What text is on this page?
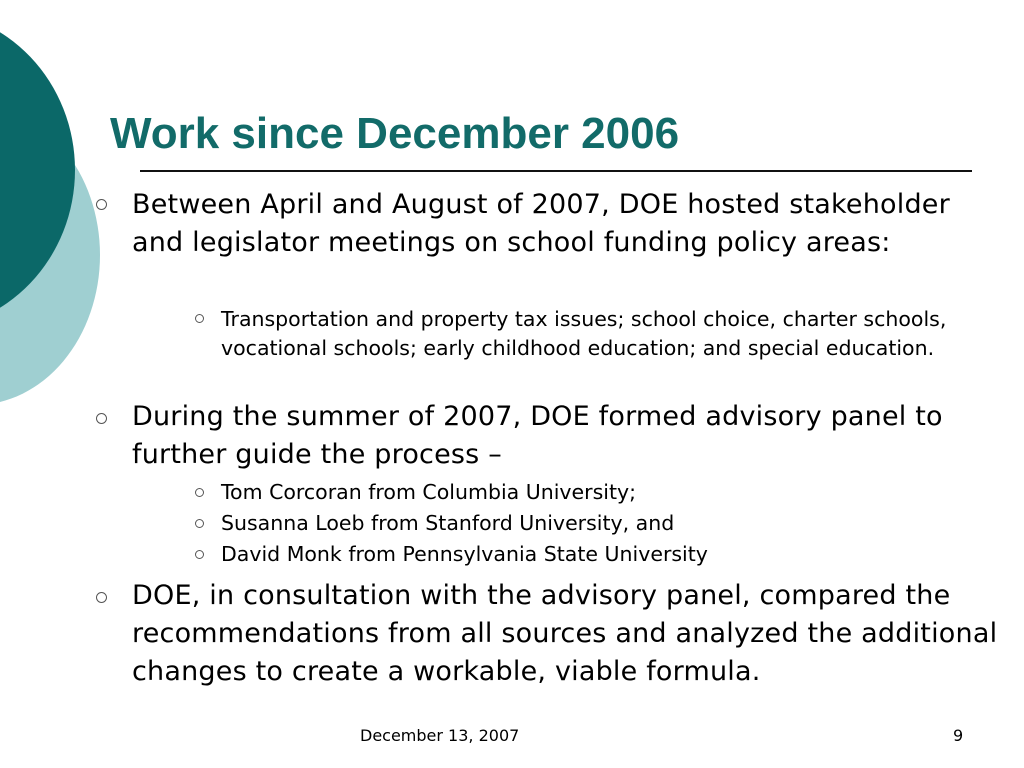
Work since December 2006

Between April and August of 2007, DOE hosted stakeholder and legislator meetings on school funding policy areas:

Transportation and property tax issues; school choice, charter schools, vocational schools; early childhood education; and special education.

During the summer of 2007, DOE formed advisory panel to further guide the process –

Tom Corcoran from Columbia University;

Susanna Loeb from Stanford University, and

David Monk from Pennsylvania State University

DOE, in consultation with the advisory panel, compared the recommendations from all sources and analyzed the additional changes to create a workable, viable formula.

December 13, 2007	9
